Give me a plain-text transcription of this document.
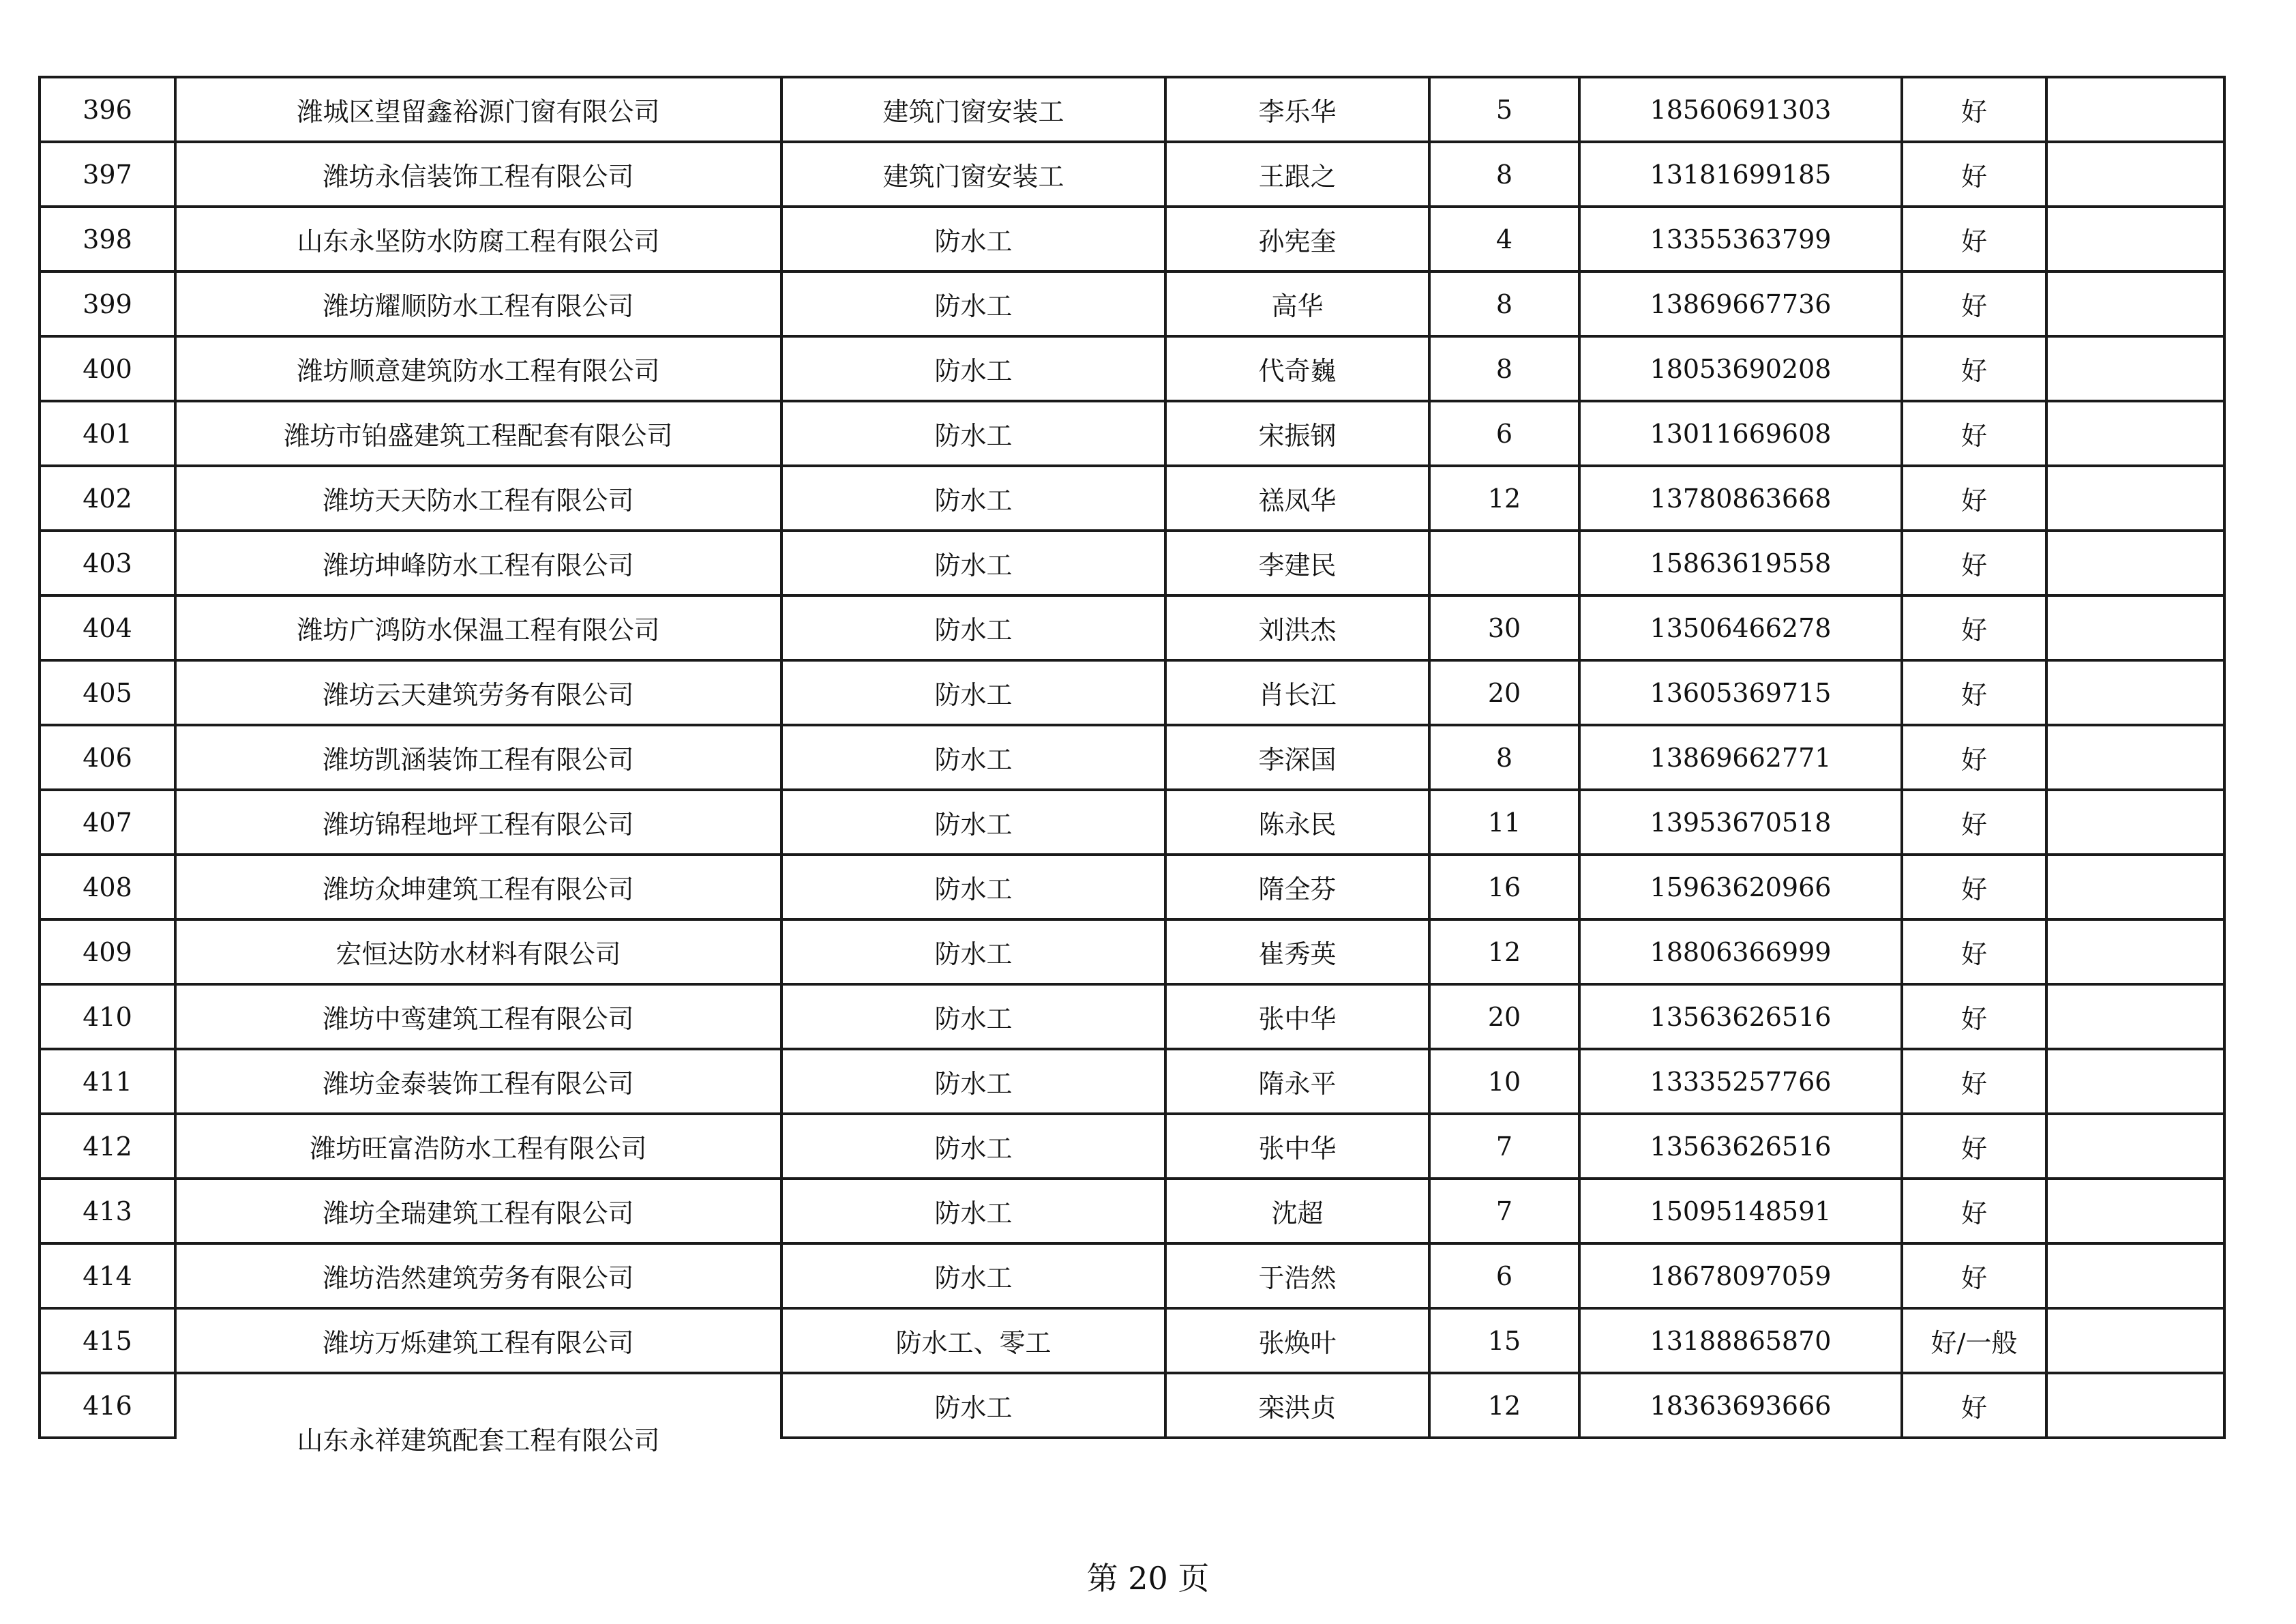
396	潍城区望留鑫裕源门窗有限公司	建筑门窗安装工	李乐华	5	18560691303	好	
397	潍坊永信装饰工程有限公司	建筑门窗安装工	王跟之	8	13181699185	好	
398	山东永坚防水防腐工程有限公司	防水工	孙宪奎	4	13355363799	好	
399	潍坊耀顺防水工程有限公司	防水工	高华	8	13869667736	好	
400	潍坊顺意建筑防水工程有限公司	防水工	代奇巍	8	18053690208	好	
401	潍坊市铂盛建筑工程配套有限公司	防水工	宋振钢	6	13011669608	好	
402	潍坊天天防水工程有限公司	防水工	禚凤华	12	13780863668	好	
403	潍坊坤峰防水工程有限公司	防水工	李建民		15863619558	好	
404	潍坊广鸿防水保温工程有限公司	防水工	刘洪杰	30	13506466278	好	
405	潍坊云天建筑劳务有限公司	防水工	肖长江	20	13605369715	好	
406	潍坊凯涵装饰工程有限公司	防水工	李深国	8	13869662771	好	
407	潍坊锦程地坪工程有限公司	防水工	陈永民	11	13953670518	好	
408	潍坊众坤建筑工程有限公司	防水工	隋全芬	16	15963620966	好	
409	宏恒达防水材料有限公司	防水工	崔秀英	12	18806366999	好	
410	潍坊中鸾建筑工程有限公司	防水工	张中华	20	13563626516	好	
411	潍坊金泰装饰工程有限公司	防水工	隋永平	10	13335257766	好	
412	潍坊旺富浩防水工程有限公司	防水工	张中华	7	13563626516	好	
413	潍坊全瑞建筑工程有限公司	防水工	沈超	7	15095148591	好	
414	潍坊浩然建筑劳务有限公司	防水工	于浩然	6	18678097059	好	
415	潍坊万烁建筑工程有限公司	防水工、零工	张焕叶	15	13188865870	好/一般	
416	山东永祥建筑配套工程有限公司	防水工	栾洪贞	12	18363693666	好	
第 20 页
